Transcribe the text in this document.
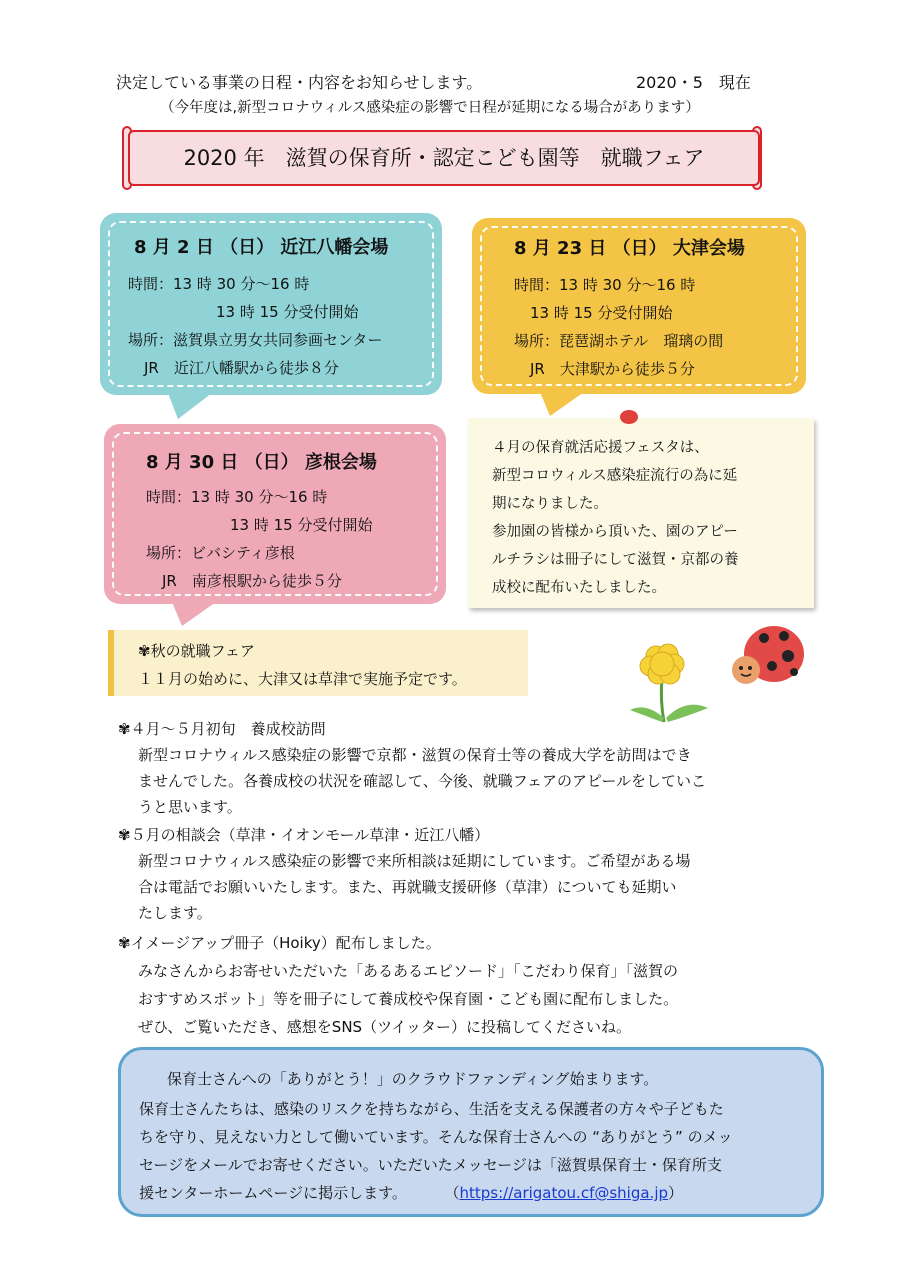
決定している事業の日程・内容をお知らせします。	2020・5　現在
（今年度は,新型コロナウィルス感染症の影響で日程が延期になる場合があります）
2020 年　滋賀の保育所・認定こども園等　就職フェア
8 月 2 日 （日） 近江八幡会場
時間：13 時 30 分～16 時
13 時 15 分受付開始
場所：滋賀県立男女共同参画センター
JR　近江八幡駅から徒歩８分
8 月 23 日 （日） 大津会場
時間：13 時 30 分～16 時
13 時 15 分受付開始
場所：琵琶湖ホテル　瑠璃の間
JR　大津駅から徒歩５分
8 月 30 日 （日） 彦根会場
時間：13 時 30 分～16 時
13 時 15 分受付開始
場所：ビバシティ彦根
JR　南彦根駅から徒歩５分
４月の保育就活応援フェスタは、
新型コロウィルス感染症流行の為に延
期になりました。
参加園の皆様から頂いた、園のアピー
ルチラシは冊子にして滋賀・京都の養
成校に配布いたしました。
✾秋の就職フェア
１１月の始めに、大津又は草津で実施予定です。
✾４月～５月初旬　養成校訪問
新型コロナウィルス感染症の影響で京都・滋賀の保育士等の養成大学を訪問はでき
ませんでした。各養成校の状況を確認して、今後、就職フェアのアピールをしていこ
うと思います。
✾５月の相談会（草津・イオンモール草津・近江八幡）
新型コロナウィルス感染症の影響で来所相談は延期にしています。ご希望がある場
合は電話でお願いいたします。また、再就職支援研修（草津）についても延期い
たします。
✾イメージアップ冊子（Hoiky）配布しました。
みなさんからお寄せいただいた「あるあるエピソード」「こだわり保育」「滋賀の
おすすめスポット」等を冊子にして養成校や保育園・こども園に配布しました。
ぜひ、ご覧いただき、感想をSNS（ツイッター）に投稿してくださいね。
保育士さんへの「ありがとう！」のクラウドファンディング始まります。
保育士さんたちは、感染のリスクを持ちながら、生活を支える保護者の方々や子どもた
ちを守り、見えない力として働いています。そんな保育士さんへの “ありがとう” のメッ
セージをメールでお寄せください。いただいたメッセージは「滋賀県保育士・保育所支
援センターホームページに掲示します。	（https://arigatou.cf@shiga.jp）
